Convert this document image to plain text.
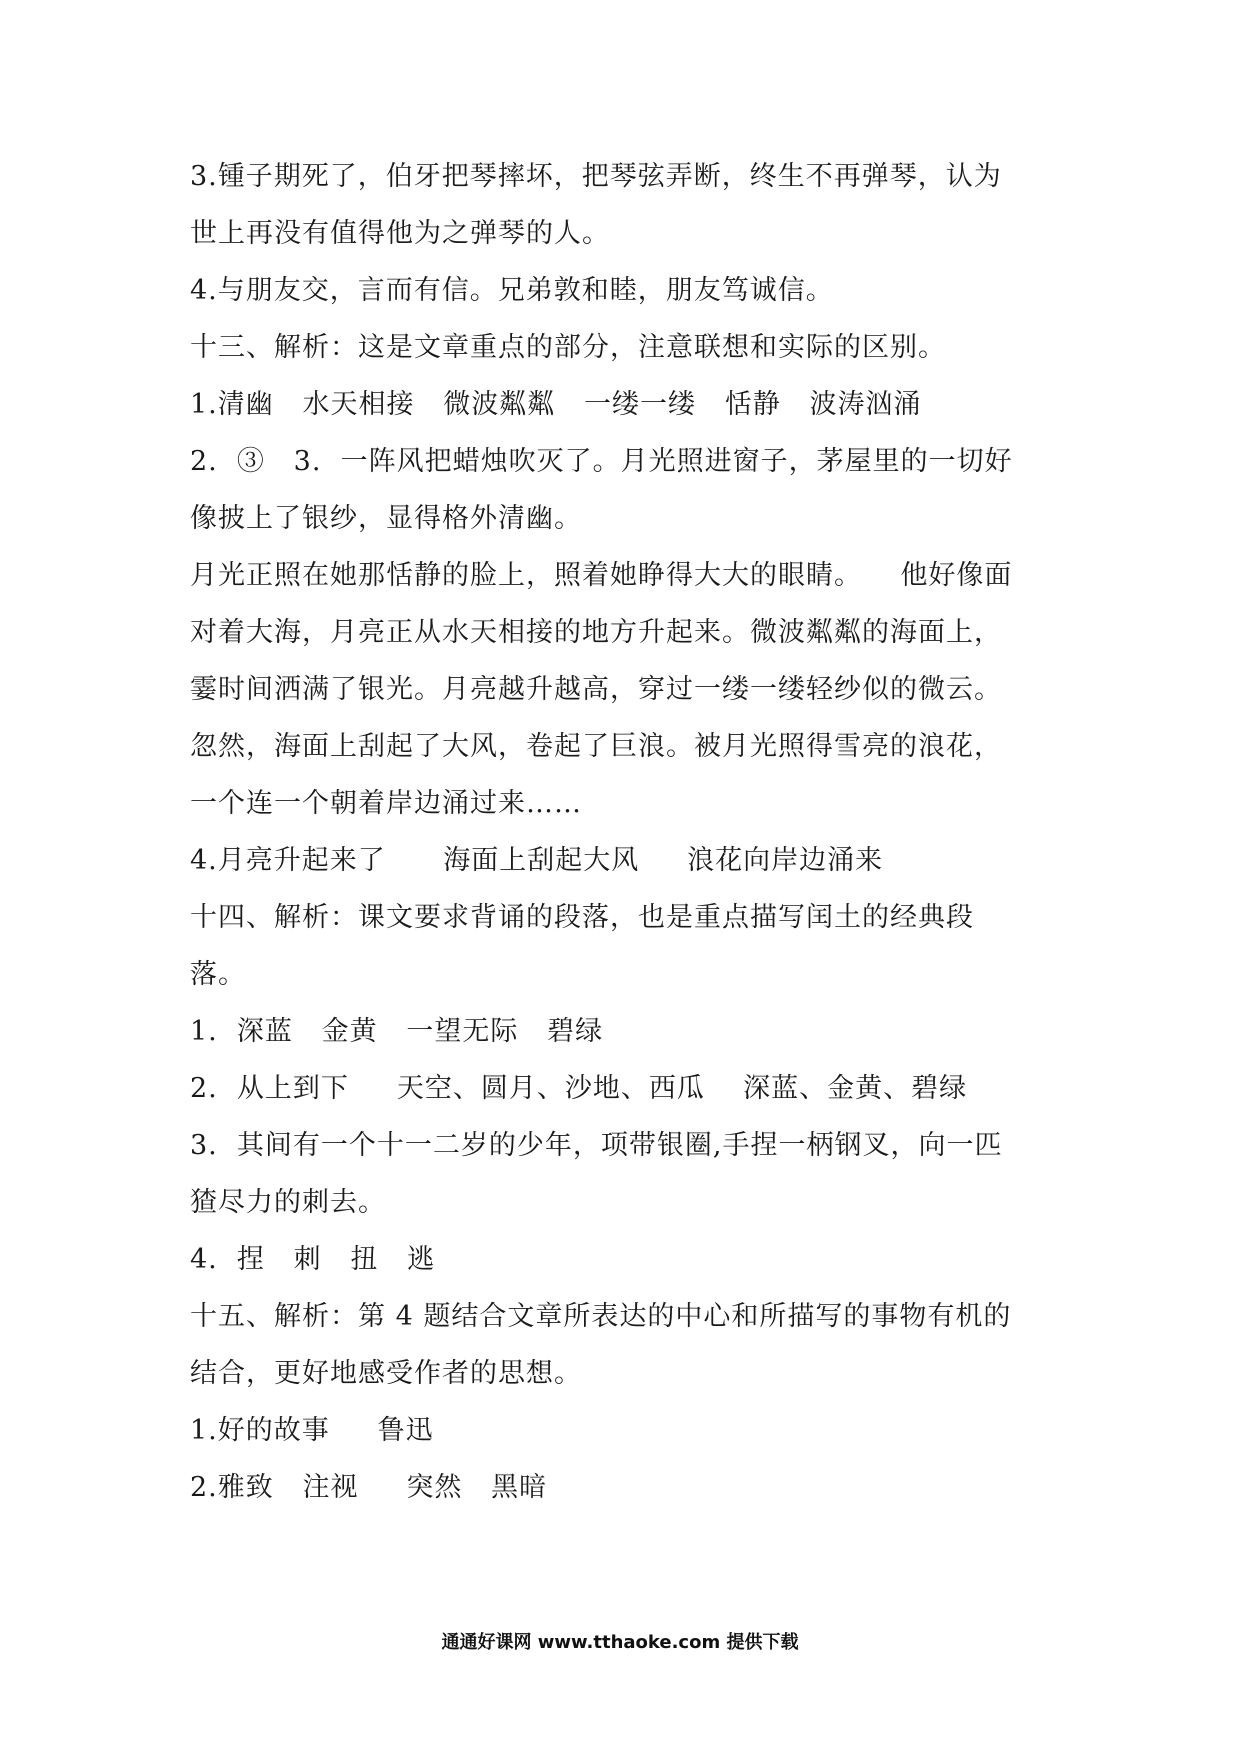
3.锺子期死了，伯牙把琴摔坏，把琴弦弄断，终生不再弹琴，认为
世上再没有值得他为之弹琴的人。
4.与朋友交，言而有信。兄弟敦和睦，朋友笃诚信。
十三、解析：这是文章重点的部分，注意联想和实际的区别。
1.清幽   水天相接   微波粼粼   一缕一缕   恬静   波涛汹涌
2.  ③   3.  一阵风把蜡烛吹灭了。月光照进窗子，茅屋里的一切好
像披上了银纱，显得格外清幽。
月光正照在她那恬静的脸上，照着她睁得大大的眼睛。    他好像面
对着大海，月亮正从水天相接的地方升起来。微波粼粼的海面上，
霎时间洒满了银光。月亮越升越高，穿过一缕一缕轻纱似的微云。
忽然，海面上刮起了大风，卷起了巨浪。被月光照得雪亮的浪花，
一个连一个朝着岸边涌过来……
4.月亮升起来了      海面上刮起大风     浪花向岸边涌来
十四、解析：课文要求背诵的段落，也是重点描写闰土的经典段
落。
1.  深蓝   金黄   一望无际   碧绿
2.  从上到下     天空、圆月、沙地、西瓜    深蓝、金黄、碧绿
3.  其间有一个十一二岁的少年，项带银圈,手捏一柄钢叉，向一匹
猹尽力的刺去。
4.  捏   刺   扭   逃
十五、解析：第 4 题结合文章所表达的中心和所描写的事物有机的
结合，更好地感受作者的思想。
1.好的故事     鲁迅
2.雅致   注视     突然   黑暗
通通好课网 www.tthaoke.com 提供下载
